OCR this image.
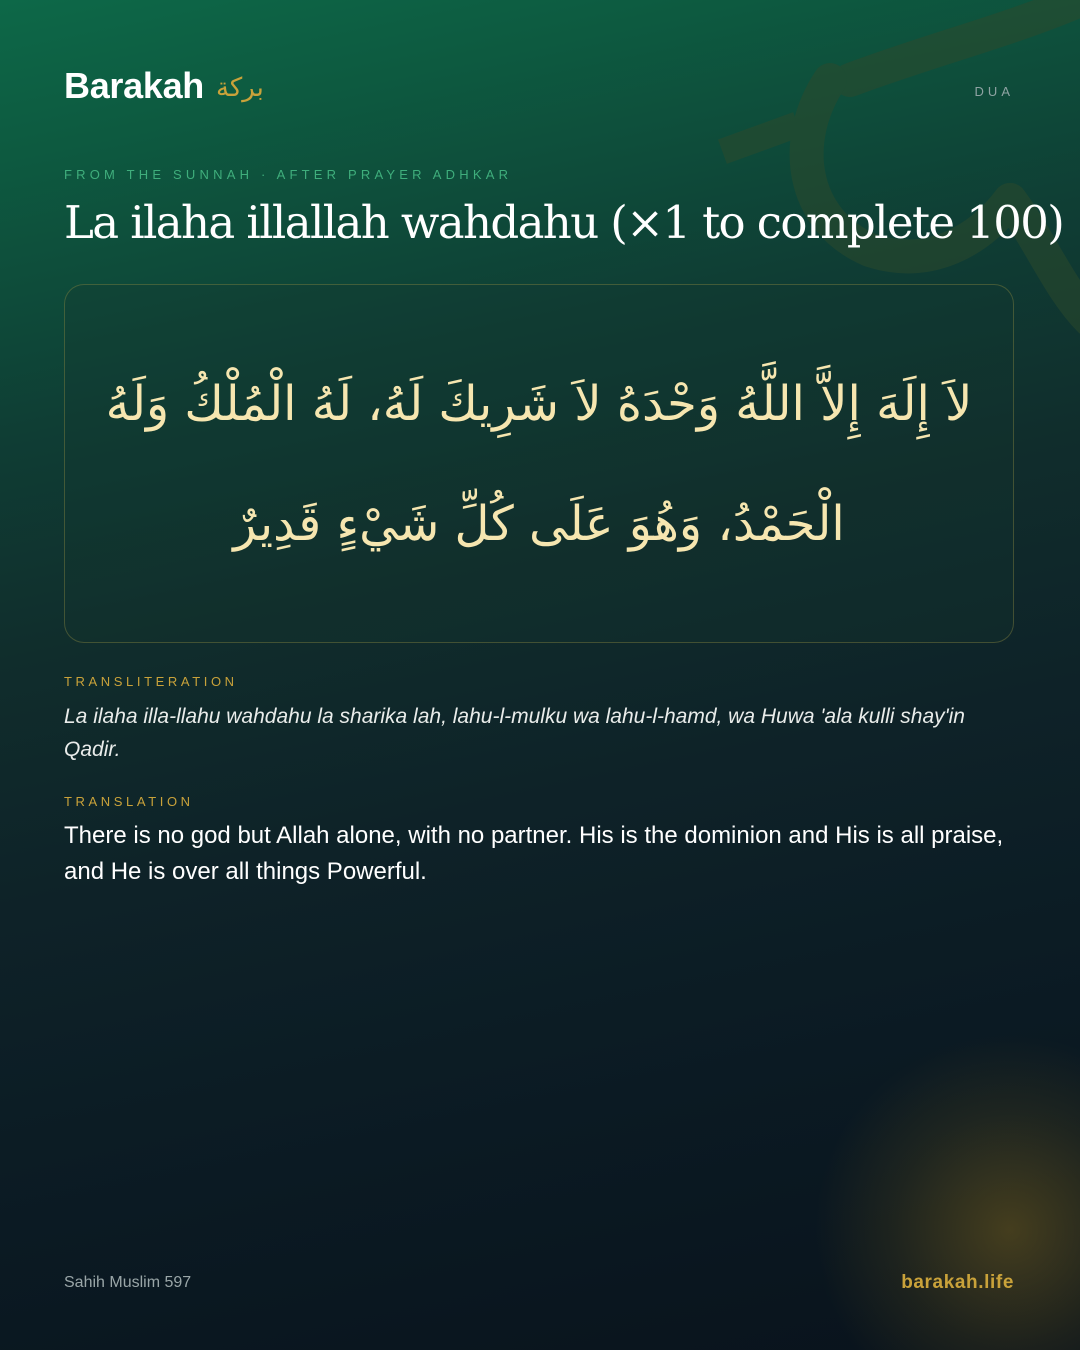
Barakah بركة	DUA
FROM THE SUNNAH · AFTER PRAYER ADHKAR
La ilaha illallah wahdahu (×1 to complete 100)
لاَ إِلَهَ إِلاَّ اللَّهُ وَحْدَهُ لاَ شَرِيكَ لَهُ، لَهُ الْمُلْكُ وَلَهُ الْحَمْدُ، وَهُوَ عَلَى كُلِّ شَيْءٍ قَدِيرٌ
TRANSLITERATION
La ilaha illa-llahu wahdahu la sharika lah, lahu-l-mulku wa lahu-l-hamd, wa Huwa 'ala kulli shay'in Qadir.
TRANSLATION
There is no god but Allah alone, with no partner. His is the dominion and His is all praise, and He is over all things Powerful.
Sahih Muslim 597	barakah.life
